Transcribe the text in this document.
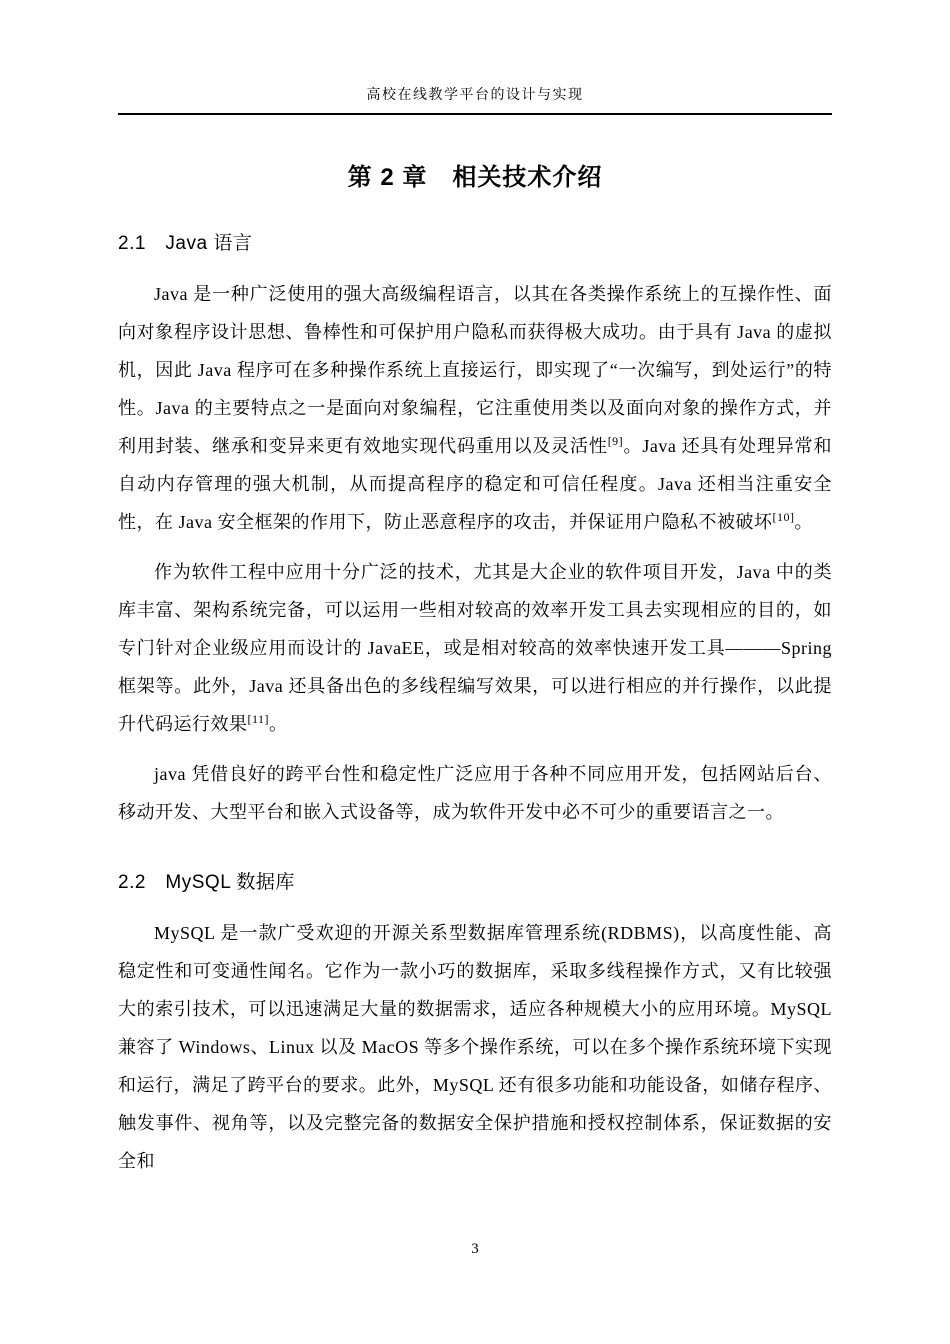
高校在线教学平台的设计与实现
第 2 章　相关技术介绍
2.1　Java 语言

Java 是一种广泛使用的强大高级编程语言，以其在各类操作系统上的互操作性、面向对象程序设计思想、鲁棒性和可保护用户隐私而获得极大成功。由于具有 Java 的虚拟机，因此 Java 程序可在多种操作系统上直接运行，即实现了“一次编写，到处运行”的特性。Java 的主要特点之一是面向对象编程，它注重使用类以及面向对象的操作方式，并利用封装、继承和变异来更有效地实现代码重用以及灵活性[9]。Java 还具有处理异常和自动内存管理的强大机制，从而提高程序的稳定和可信任程度。Java 还相当注重安全性，在 Java 安全框架的作用下，防止恶意程序的攻击，并保证用户隐私不被破坏[10]。

作为软件工程中应用十分广泛的技术，尤其是大企业的软件项目开发，Java 中的类库丰富、架构系统完备，可以运用一些相对较高的效率开发工具去实现相应的目的，如专门针对企业级应用而设计的 JavaEE，或是相对较高的效率快速开发工具———Spring 框架等。此外，Java 还具备出色的多线程编写效果，可以进行相应的并行操作，以此提升代码运行效果[11]。

java 凭借良好的跨平台性和稳定性广泛应用于各种不同应用开发，包括网站后台、移动开发、大型平台和嵌入式设备等，成为软件开发中必不可少的重要语言之一。

2.2　MySQL 数据库

MySQL 是一款广受欢迎的开源关系型数据库管理系统(RDBMS)，以高度性能、高稳定性和可变通性闻名。它作为一款小巧的数据库，采取多线程操作方式，又有比较强大的索引技术，可以迅速满足大量的数据需求，适应各种规模大小的应用环境。MySQL 兼容了 Windows、Linux 以及 MacOS 等多个操作系统，可以在多个操作系统环境下实现和运行，满足了跨平台的要求。此外，MySQL 还有很多功能和功能设备，如储存程序、触发事件、视角等，以及完整完备的数据安全保护措施和授权控制体系，保证数据的安全和

3
